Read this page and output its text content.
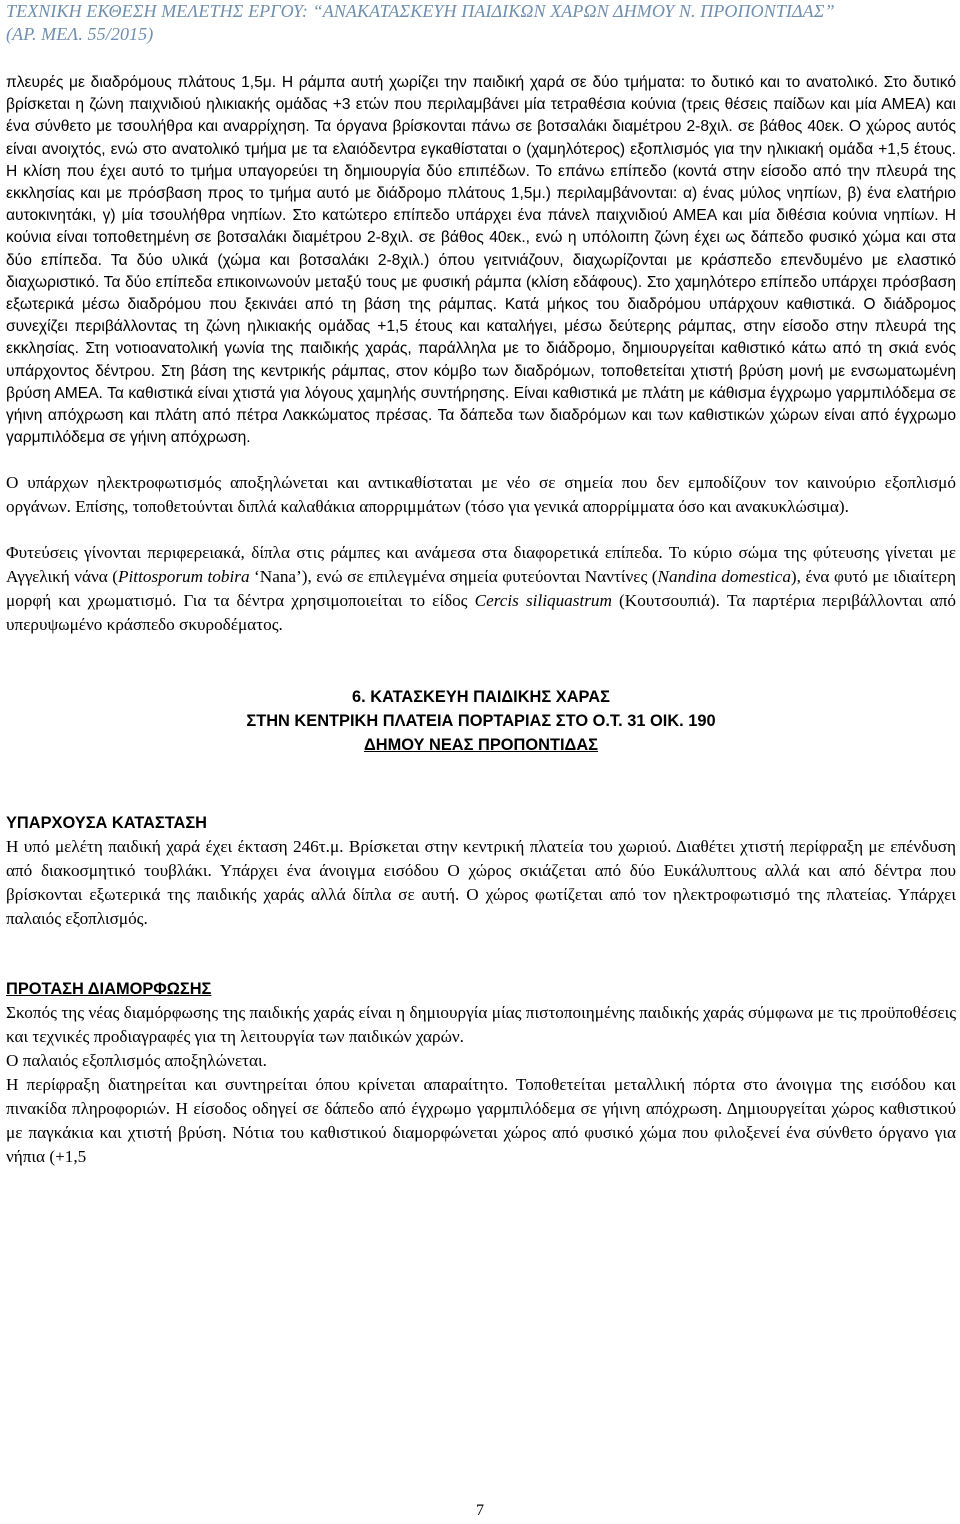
ΤΕΧΝΙΚΗ ΕΚΘΕΣΗ ΜΕΛΕΤΗΣ ΕΡΓΟΥ: “ΑΝΑΚΑΤΑΣΚΕΥΗ ΠΑΙΔΙΚΩΝ ΧΑΡΩΝ ΔΗΜΟΥ Ν. ΠΡΟΠΟΝΤΙΔΑΣ”
(ΑΡ. ΜΕΛ. 55/2015)

πλευρές με διαδρόμους πλάτους 1,5μ. Η ράμπα αυτή χωρίζει την παιδική χαρά σε δύο τμήματα: το δυτικό και το ανατολικό. Στο δυτικό βρίσκεται η ζώνη παιχνιδιού ηλικιακής ομάδας +3 ετών που περιλαμβάνει μία τετραθέσια κούνια (τρεις θέσεις παίδων και μία ΑΜΕΑ) και ένα σύνθετο με τσουλήθρα και αναρρίχηση. Τα όργανα βρίσκονται πάνω σε βοτσαλάκι διαμέτρου 2-8χιλ. σε βάθος 40εκ. Ο χώρος αυτός είναι ανοιχτός, ενώ στο ανατολικό τμήμα με τα ελαιόδεντρα εγκαθίσταται ο (χαμηλότερος) εξοπλισμός για την ηλικιακή ομάδα +1,5 έτους. Η κλίση που έχει αυτό το τμήμα υπαγορεύει τη δημιουργία δύο επιπέδων. Το επάνω επίπεδο (κοντά στην είσοδο από την πλευρά της εκκλησίας και με πρόσβαση προς το τμήμα αυτό με διάδρομο πλάτους 1,5μ.) περιλαμβάνονται: α) ένας μύλος νηπίων, β) ένα ελατήριο αυτοκινητάκι, γ) μία τσουλήθρα νηπίων. Στο κατώτερο επίπεδο υπάρχει ένα πάνελ παιχνιδιού ΑΜΕΑ και μία διθέσια κούνια νηπίων. Η κούνια είναι τοποθετημένη σε βοτσαλάκι διαμέτρου 2-8χιλ. σε βάθος 40εκ., ενώ η υπόλοιπη ζώνη έχει ως δάπεδο φυσικό χώμα και στα δύο επίπεδα. Τα δύο υλικά (χώμα και βοτσαλάκι 2-8χιλ.) όπου γειτνιάζουν, διαχωρίζονται με κράσπεδο επενδυμένο με ελαστικό διαχωριστικό. Τα δύο επίπεδα επικοινωνούν μεταξύ τους με φυσική ράμπα (κλίση εδάφους). Στο χαμηλότερο επίπεδο υπάρχει πρόσβαση εξωτερικά μέσω διαδρόμου που ξεκινάει από τη βάση της ράμπας. Κατά μήκος του διαδρόμου υπάρχουν καθιστικά. Ο διάδρομος συνεχίζει περιβάλλοντας τη ζώνη ηλικιακής ομάδας +1,5 έτους και καταλήγει, μέσω δεύτερης ράμπας, στην είσοδο στην πλευρά της εκκλησίας. Στη νοτιοανατολική γωνία της παιδικής χαράς, παράλληλα με το διάδρομο, δημιουργείται καθιστικό κάτω από τη σκιά ενός υπάρχοντος δέντρου. Στη βάση της κεντρικής ράμπας, στον κόμβο των διαδρόμων, τοποθετείται χτιστή βρύση μονή με ενσωματωμένη βρύση ΑΜΕΑ. Τα καθιστικά είναι χτιστά για λόγους χαμηλής συντήρησης. Είναι καθιστικά με πλάτη με κάθισμα έγχρωμο γαρμπιλόδεμα σε γήινη απόχρωση και πλάτη από πέτρα Λακκώματος πρέσας. Τα δάπεδα των διαδρόμων και των καθιστικών χώρων είναι από έγχρωμο γαρμπιλόδεμα σε γήινη απόχρωση.

Ο υπάρχων ηλεκτροφωτισμός αποξηλώνεται και αντικαθίσταται με νέο σε σημεία που δεν εμποδίζουν τον καινούριο εξοπλισμό οργάνων. Επίσης, τοποθετούνται διπλά καλαθάκια απορριμμάτων (τόσο για γενικά απορρίμματα όσο και ανακυκλώσιμα).

Φυτεύσεις γίνονται περιφερειακά, δίπλα στις ράμπες και ανάμεσα στα διαφορετικά επίπεδα. Το κύριο σώμα της φύτευσης γίνεται με Αγγελική νάνα (Pittosporum tobira ‘Nana’), ενώ σε επιλεγμένα σημεία φυτεύονται Ναντίνες (Nandina domestica), ένα φυτό με ιδιαίτερη μορφή και χρωματισμό. Για τα δέντρα χρησιμοποιείται το είδος Cercis siliquastrum (Κουτσουπιά). Τα παρτέρια περιβάλλονται από υπερυψωμένο κράσπεδο σκυροδέματος.

6. ΚΑΤΑΣΚΕΥΗ ΠΑΙΔΙΚΗΣ ΧΑΡΑΣ
ΣΤΗΝ ΚΕΝΤΡΙΚΗ ΠΛΑΤΕΙΑ ΠΟΡΤΑΡΙΑΣ ΣΤΟ Ο.Τ. 31 ΟΙΚ. 190
ΔΗΜΟΥ ΝΕΑΣ ΠΡΟΠΟΝΤΙΔΑΣ
ΥΠΑΡΧΟΥΣΑ ΚΑΤΑΣΤΑΣΗ

Η υπό μελέτη παιδική χαρά έχει έκταση 246τ.μ. Βρίσκεται στην κεντρική πλατεία του χωριού. Διαθέτει χτιστή περίφραξη με επένδυση από διακοσμητικό τουβλάκι. Υπάρχει ένα άνοιγμα εισόδου Ο χώρος σκιάζεται από δύο Ευκάλυπτους αλλά και από δέντρα που βρίσκονται εξωτερικά της παιδικής χαράς αλλά δίπλα σε αυτή. Ο χώρος φωτίζεται από τον ηλεκτροφωτισμό της πλατείας. Υπάρχει παλαιός εξοπλισμός.

ΠΡΟΤΑΣΗ ΔΙΑΜΟΡΦΩΣΗΣ

Σκοπός της νέας διαμόρφωσης της παιδικής χαράς είναι η δημιουργία μίας πιστοποιημένης παιδικής χαράς σύμφωνα με τις προϋποθέσεις και τεχνικές προδιαγραφές για τη λειτουργία των παιδικών χαρών.

Ο παλαιός εξοπλισμός αποξηλώνεται.

Η περίφραξη διατηρείται και συντηρείται όπου κρίνεται απαραίτητο. Τοποθετείται μεταλλική πόρτα στο άνοιγμα της εισόδου και πινακίδα πληροφοριών. Η είσοδος οδηγεί σε δάπεδο από έγχρωμο γαρμπιλόδεμα σε γήινη απόχρωση. Δημιουργείται χώρος καθιστικού με παγκάκια και χτιστή βρύση. Νότια του καθιστικού διαμορφώνεται χώρος από φυσικό χώμα που φιλοξενεί ένα σύνθετο όργανο για νήπια (+1,5

7
